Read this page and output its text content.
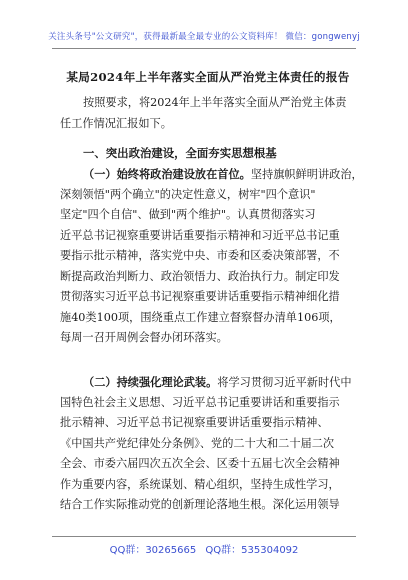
关注头条号"公文研究"，获得最新最全最专业的公文资料库！ 微信：gongwenyj
某局2024年上半年落实全面从严治党主体责任的报告
按照要求，将2024年上半年落实全面从严治党主体责
任工作情况汇报如下。
一、突出政治建设，全面夯实思想根基
（一）始终将政治建设放在首位。坚持旗帜鲜明讲政治，
深刻领悟"两个确立"的决定性意义，树牢"四个意识"
坚定"四个自信"、做到"两个维护"。认真贯彻落实习
近平总书记视察重要讲话重要指示精神和习近平总书记重
要指示批示精神，落实党中央、市委和区委决策部署，不
断提高政治判断力、政治领悟力、政治执行力。制定印发
贯彻落实习近平总书记视察重要讲话重要指示精神细化措
施40类100项，围绕重点工作建立督察督办清单106项，
每周一召开周例会督办闭环落实。
（二）持续强化理论武装。将学习贯彻习近平新时代中
国特色社会主义思想、习近平总书记重要讲话和重要指示
批示精神、习近平总书记视察重要讲话重要指示精神、
《中国共产党纪律处分条例》、党的二十大和二十届二次
全会、市委六届四次五次全会、区委十五届七次全会精神
作为重要内容，系统谋划、精心组织，坚持生成性学习，
结合工作实际推动党的创新理论落地生根。深化运用领导
QQ群：30265665 QQ群：535304092
